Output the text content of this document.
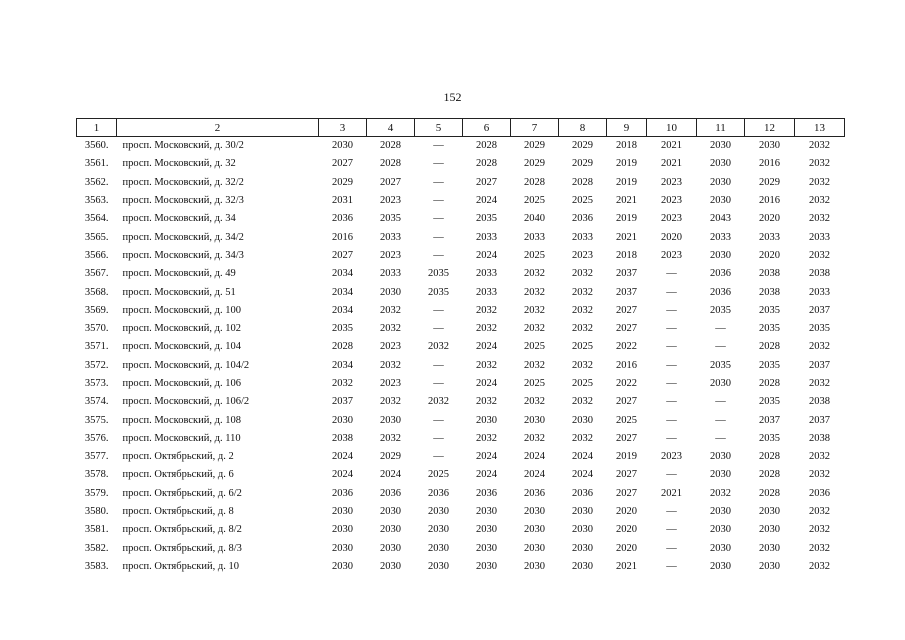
152
1	2	3	4	5	6	7	8	9	10	11	12	13
3560.	просп. Московский, д. 30/2	2030	2028	—	2028	2029	2029	2018	2021	2030	2030	2032
3561.	просп. Московский, д. 32	2027	2028	—	2028	2029	2029	2019	2021	2030	2016	2032
3562.	просп. Московский, д. 32/2	2029	2027	—	2027	2028	2028	2019	2023	2030	2029	2032
3563.	просп. Московский, д. 32/3	2031	2023	—	2024	2025	2025	2021	2023	2030	2016	2032
3564.	просп. Московский, д. 34	2036	2035	—	2035	2040	2036	2019	2023	2043	2020	2032
3565.	просп. Московский, д. 34/2	2016	2033	—	2033	2033	2033	2021	2020	2033	2033	2033
3566.	просп. Московский, д. 34/3	2027	2023	—	2024	2025	2023	2018	2023	2030	2020	2032
3567.	просп. Московский, д. 49	2034	2033	2035	2033	2032	2032	2037	—	2036	2038	2038
3568.	просп. Московский, д. 51	2034	2030	2035	2033	2032	2032	2037	—	2036	2038	2033
3569.	просп. Московский, д. 100	2034	2032	—	2032	2032	2032	2027	—	2035	2035	2037
3570.	просп. Московский, д. 102	2035	2032	—	2032	2032	2032	2027	—	—	2035	2035
3571.	просп. Московский, д. 104	2028	2023	2032	2024	2025	2025	2022	—	—	2028	2032
3572.	просп. Московский, д. 104/2	2034	2032	—	2032	2032	2032	2016	—	2035	2035	2037
3573.	просп. Московский, д. 106	2032	2023	—	2024	2025	2025	2022	—	2030	2028	2032
3574.	просп. Московский, д. 106/2	2037	2032	2032	2032	2032	2032	2027	—	—	2035	2038
3575.	просп. Московский, д. 108	2030	2030	—	2030	2030	2030	2025	—	—	2037	2037
3576.	просп. Московский, д. 110	2038	2032	—	2032	2032	2032	2027	—	—	2035	2038
3577.	просп. Октябрьский, д. 2	2024	2029	—	2024	2024	2024	2019	2023	2030	2028	2032
3578.	просп. Октябрьский, д. 6	2024	2024	2025	2024	2024	2024	2027	—	2030	2028	2032
3579.	просп. Октябрьский, д. 6/2	2036	2036	2036	2036	2036	2036	2027	2021	2032	2028	2036
3580.	просп. Октябрьский, д. 8	2030	2030	2030	2030	2030	2030	2020	—	2030	2030	2032
3581.	просп. Октябрьский, д. 8/2	2030	2030	2030	2030	2030	2030	2020	—	2030	2030	2032
3582.	просп. Октябрьский, д. 8/3	2030	2030	2030	2030	2030	2030	2020	—	2030	2030	2032
3583.	просп. Октябрьский, д. 10	2030	2030	2030	2030	2030	2030	2021	—	2030	2030	2032
